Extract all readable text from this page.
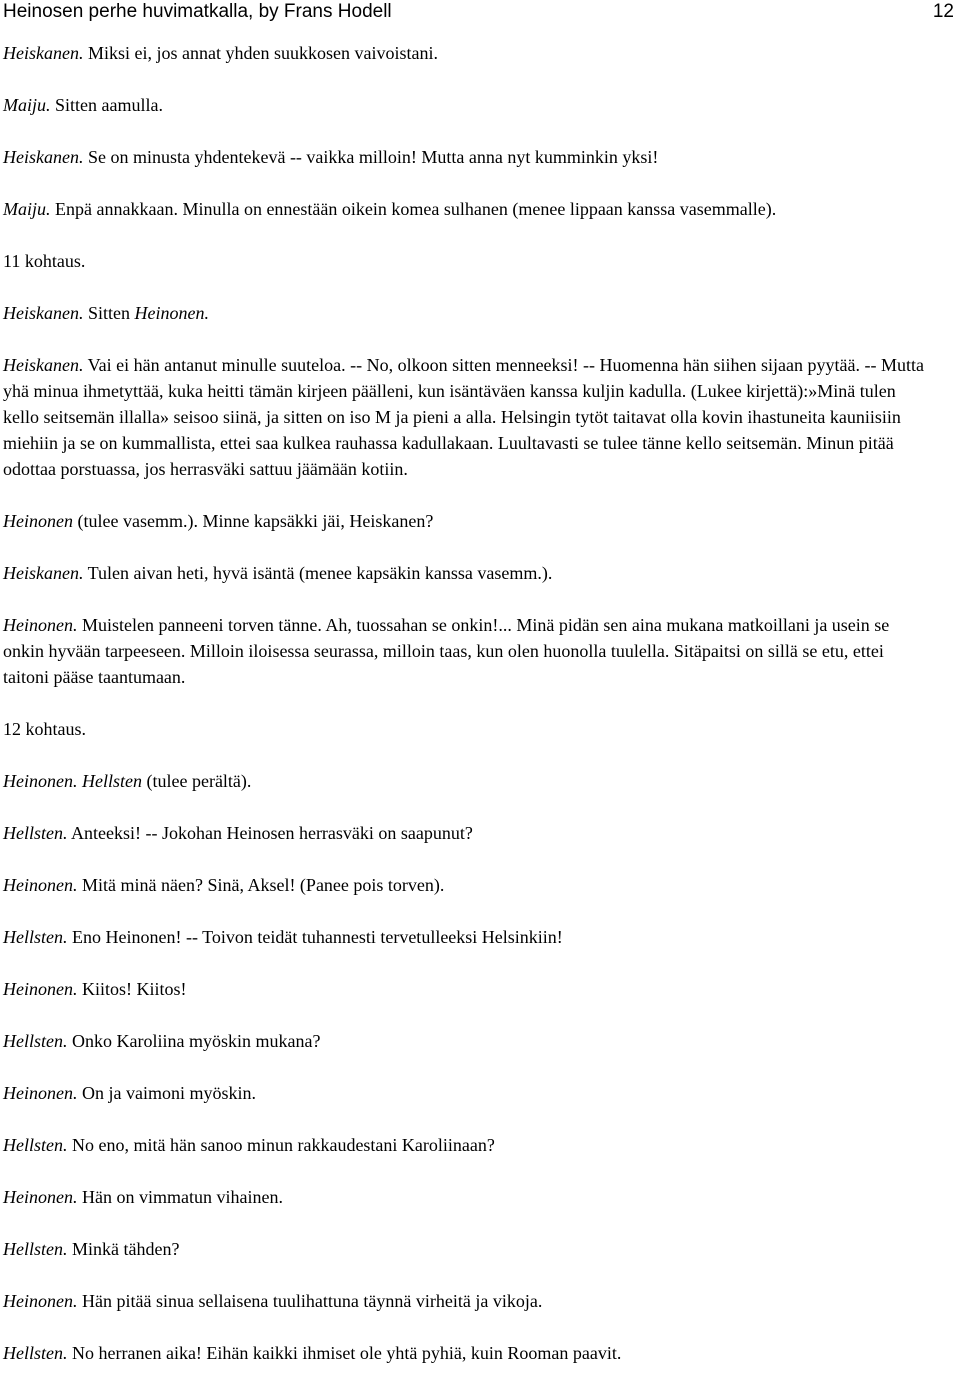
Heinosen perhe huvimatkalla, by Frans Hodell	12

Heiskanen. Miksi ei, jos annat yhden suukkosen vaivoistani.

Maiju. Sitten aamulla.

Heiskanen. Se on minusta yhdentekevä -- vaikka milloin! Mutta anna nyt kumminkin yksi!

Maiju. Enpä annakkaan. Minulla on ennestään oikein komea sulhanen (menee lippaan kanssa vasemmalle).

11 kohtaus.

Heiskanen. Sitten Heinonen.

Heiskanen. Vai ei hän antanut minulle suuteloa. -- No, olkoon sitten menneeksi! -- Huomenna hän siihen sijaan pyytää. -- Mutta yhä minua ihmetyttää, kuka heitti tämän kirjeen päälleni, kun isäntäväen kanssa kuljin kadulla. (Lukee kirjettä):»Minä tulen kello seitsemän illalla» seisoo siinä, ja sitten on iso M ja pieni a alla. Helsingin tytöt taitavat olla kovin ihastuneita kauniisiin miehiin ja se on kummallista, ettei saa kulkea rauhassa kadullakaan. Luultavasti se tulee tänne kello seitsemän. Minun pitää odottaa porstuassa, jos herrasväki sattuu jäämään kotiin.

Heinonen (tulee vasemm.). Minne kapsäkki jäi, Heiskanen?

Heiskanen. Tulen aivan heti, hyvä isäntä (menee kapsäkin kanssa vasemm.).

Heinonen. Muistelen panneeni torven tänne. Ah, tuossahan se onkin!... Minä pidän sen aina mukana matkoillani ja usein se onkin hyvään tarpeeseen. Milloin iloisessa seurassa, milloin taas, kun olen huonolla tuulella. Sitäpaitsi on sillä se etu, ettei taitoni pääse taantumaan.

12 kohtaus.

Heinonen. Hellsten (tulee perältä).

Hellsten. Anteeksi! -- Jokohan Heinosen herrasväki on saapunut?

Heinonen. Mitä minä näen? Sinä, Aksel! (Panee pois torven).

Hellsten. Eno Heinonen! -- Toivon teidät tuhannesti tervetulleeksi Helsinkiin!

Heinonen. Kiitos! Kiitos!

Hellsten. Onko Karoliina myöskin mukana?

Heinonen. On ja vaimoni myöskin.

Hellsten. No eno, mitä hän sanoo minun rakkaudestani Karoliinaan?

Heinonen. Hän on vimmatun vihainen.

Hellsten. Minkä tähden?

Heinonen. Hän pitää sinua sellaisena tuulihattuna täynnä virheitä ja vikoja.

Hellsten. No herranen aika! Eihän kaikki ihmiset ole yhtä pyhiä, kuin Rooman paavit.
